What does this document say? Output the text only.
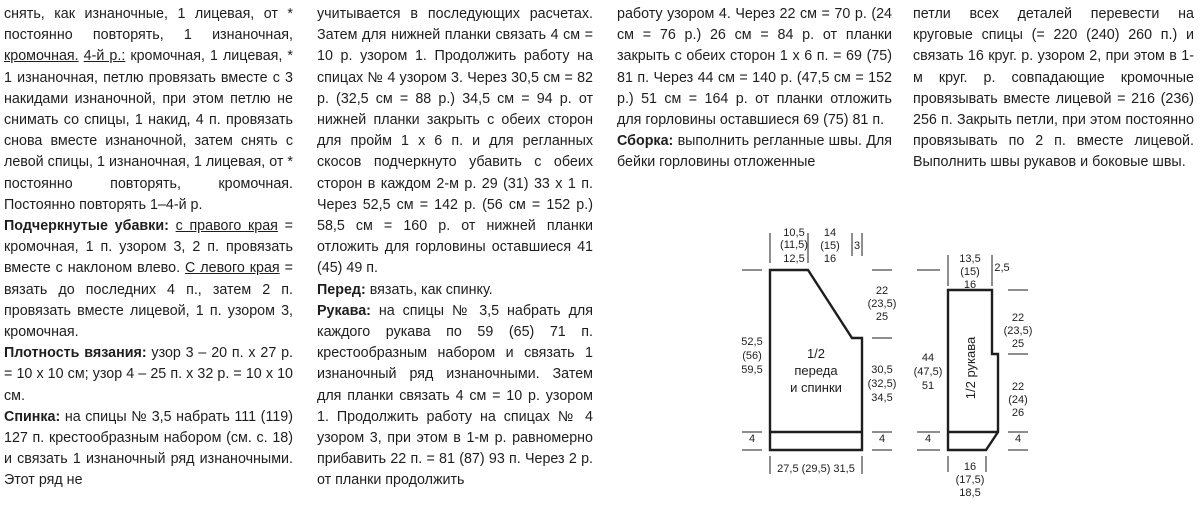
снять, как изнаночные, 1 лицевая, от * постоянно повторять, 1 изнаночная, кромочная. 4-й р.: кромочная, 1 лицевая, * 1 изнаночная, петлю провязать вместе с 3 накидами изнаночной, при этом петлю не снимать со спицы, 1 накид, 4 п. провязать снова вместе изнаночной, затем снять с левой спицы, 1 изнаночная, 1 лицевая, от * постоянно повторять, кромочная. Постоянно повторять 1–4-й р.

Подчеркнутые убавки: с правого края = кромочная, 1 п. узором 3, 2 п. провязать вместе с наклоном влево. С левого края = вязать до последних 4 п., затем 2 п. провязать вместе лицевой, 1 п. узором 3, кромочная.

Плотность вязания: узор 3 – 20 п. x 27 р. = 10 x 10 см; узор 4 – 25 п. x 32 р. = 10 x 10 см.

Спинка: на спицы № 3,5 набрать 111 (119) 127 п. крестообразным набором (см. с. 18) и связать 1 изнаночный ряд изнаночными. Этот ряд не

учитывается в последующих расчетах. Затем для нижней планки связать 4 см = 10 р. узором 1. Продолжить работу на спицах № 4 узором 3. Через 30,5 см = 82 р. (32,5 см = 88 р.) 34,5 см = 94 р. от нижней планки закрыть с обеих сторон для пройм 1 x 6 п. и для регланных скосов подчеркнуто убавить с обеих сторон в каждом 2-м р. 29 (31) 33 x 1 п. Через 52,5 см = 142 р. (56 см = 152 р.) 58,5 см = 160 р. от нижней планки отложить для горловины оставшиеся 41 (45) 49 п.

Перед: вязать, как спинку.

Рукава: на спицы № 3,5 набрать для каждого рукава по 59 (65) 71 п. крестообразным набором и связать 1 изнаночный ряд изнаночными. Затем для планки связать 4 см = 10 р. узором 1. Продолжить работу на спицах № 4 узором 3, при этом в 1-м р. равномерно прибавить 22 п. = 81 (87) 93 п. Через 2 р. от планки продолжить

работу узором 4. Через 22 см = 70 р. (24 см = 76 р.) 26 см = 84 р. от планки закрыть с обеих сторон 1 x 6 п. = 69 (75) 81 п. Через 44 см = 140 р. (47,5 см = 152 р.) 51 см = 164 р. от планки отложить для горловины оставшиеся 69 (75) 81 п.

Сборка: выполнить регланные швы. Для бейки горловины отложенные

петли всех деталей перевести на круговые спицы (= 220 (240) 260 п.) и связать 16 круг. р. узором 2, при этом в 1-м круг. р. совпадающие кромочные провязывать вместе лицевой = 216 (236) 256 п. Закрыть петли, при этом постоянно провязывать по 2 п. вместе лицевой. Выполнить швы рукавов и боковые швы.

10,5
(11,5)
12,5
14
(15)
16
3
22
(23,5)
25
30,5
(32,5)
34,5
4
52,5
(56)
59,5
4
27,5 (29,5) 31,5
1/2
переда
и спинки
13,5
(15)
16
2,5
22
(23,5)
25
22
(24)
26
4
44
(47,5)
51
4
16
(17,5)
18,5
1/2 рукава
